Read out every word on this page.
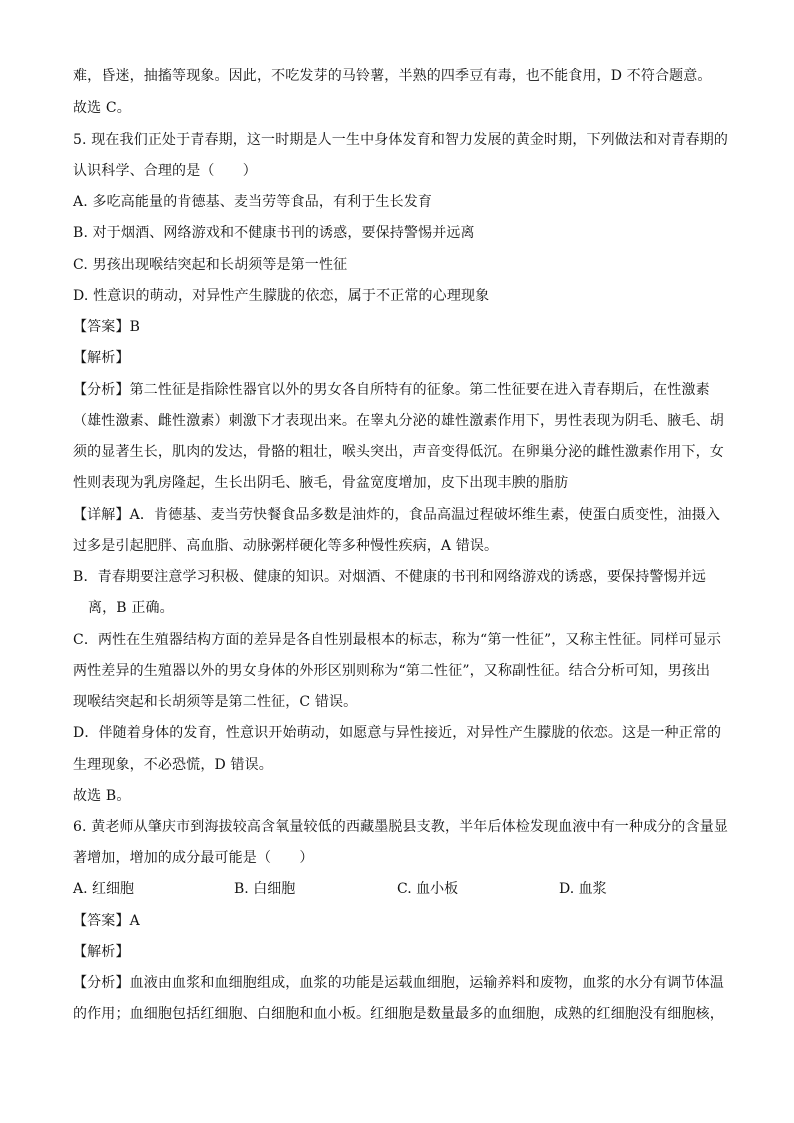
难，昏迷，抽搐等现象。因此，不吃发芽的马铃薯，半熟的四季豆有毒，也不能食用，D 不符合题意。
故选 C。
5. 现在我们正处于青春期，这一时期是人一生中身体发育和智力发展的黄金时期，下列做法和对青春期的
认识科学、合理的是（　　）
A. 多吃高能量的肯德基、麦当劳等食品，有利于生长发育
B. 对于烟酒、网络游戏和不健康书刊的诱惑，要保持警惕并远离
C. 男孩出现喉结突起和长胡须等是第一性征
D. 性意识的萌动，对异性产生朦胧的依恋，属于不正常的心理现象
【答案】B
【解析】
【分析】第二性征是指除性器官以外的男女各自所特有的征象。第二性征要在进入青春期后，在性激素
（雄性激素、雌性激素）刺激下才表现出来。在睾丸分泌的雄性激素作用下，男性表现为阴毛、腋毛、胡
须的显著生长，肌肉的发达，骨骼的粗壮，喉头突出，声音变得低沉。在卵巢分泌的雌性激素作用下，女
性则表现为乳房隆起，生长出阴毛、腋毛，骨盆宽度增加，皮下出现丰腴的脂肪
【详解】A．肯德基、麦当劳快餐食品多数是油炸的，食品高温过程破坏维生素，使蛋白质变性，油摄入
过多是引起肥胖、高血脂、动脉粥样硬化等多种慢性疾病，A 错误。
B．青春期要注意学习积极、健康的知识。对烟酒、不健康的书刊和网络游戏的诱惑，要保持警惕并远
离，B 正确。
C．两性在生殖器结构方面的差异是各自性别最根本的标志，称为“第一性征”，又称主性征。同样可显示
两性差异的生殖器以外的男女身体的外形区别则称为“第二性征”，又称副性征。结合分析可知，男孩出
现喉结突起和长胡须等是第二性征，C 错误。
D．伴随着身体的发育，性意识开始萌动，如愿意与异性接近，对异性产生朦胧的依恋。这是一种正常的
生理现象，不必恐慌，D 错误。
故选 B。
6. 黄老师从肇庆市到海拔较高含氧量较低的西藏墨脱县支教，半年后体检发现血液中有一种成分的含量显
著增加，增加的成分最可能是（　　）
A. 红细胞	B. 白细胞	C. 血小板	D. 血浆
【答案】A
【解析】
【分析】血液由血浆和血细胞组成，血浆的功能是运载血细胞，运输养料和废物，血浆的水分有调节体温
的作用；血细胞包括红细胞、白细胞和血小板。红细胞是数量最多的血细胞，成熟的红细胞没有细胞核，
